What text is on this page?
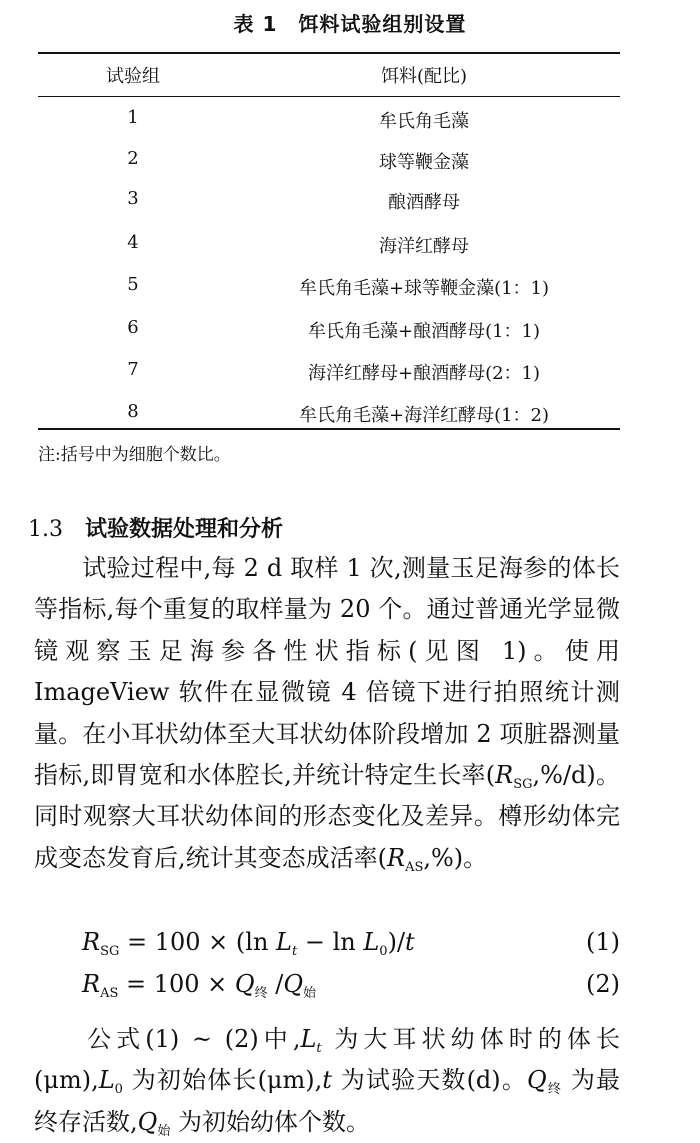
表 1　饵料试验组别设置
试验组	饵料(配比)
1	牟氏角毛藻
2	球等鞭金藻
3	酿酒酵母
4	海洋红酵母
5	牟氏角毛藻+球等鞭金藻(1：1)
6	牟氏角毛藻+酿酒酵母(1：1)
7	海洋红酵母+酿酒酵母(2：1)
8	牟氏角毛藻+海洋红酵母(1：2)
注:括号中为细胞个数比。
1.3 试验数据处理和分析
试验过程中,每 2 d 取样 1 次,测量玉足海参的体长等指标,每个重复的取样量为 20 个。通过普通光学显微镜观察玉足海参各性状指标(见图 1)。使用 ImageView 软件在显微镜 4 倍镜下进行拍照统计测量。在小耳状幼体至大耳状幼体阶段增加 2 项脏器测量指标,即胃宽和水体腔长,并统计特定生长率$(R_{SG},\%/d)$。同时观察大耳状幼体间的形态变化及差异。樽形幼体完成变态发育后,统计其变态成活率$(R_{AS},\%)$。
$R_{SG} = 100 \times (\ln$ $L_t - \ln L_0)/t$	(1)
$R_{AS} = 100 \times Q_终$ $/Q_始$	(2)
公式(1) ~ (2)中$,L_t$ 为大耳状幼体时的体长$(\mu m),L_0$ 为初始体长(μm),t 为试验天数(d)。$Q_终$ 为最终存活数$,Q_始$ 为初始幼体个数。
